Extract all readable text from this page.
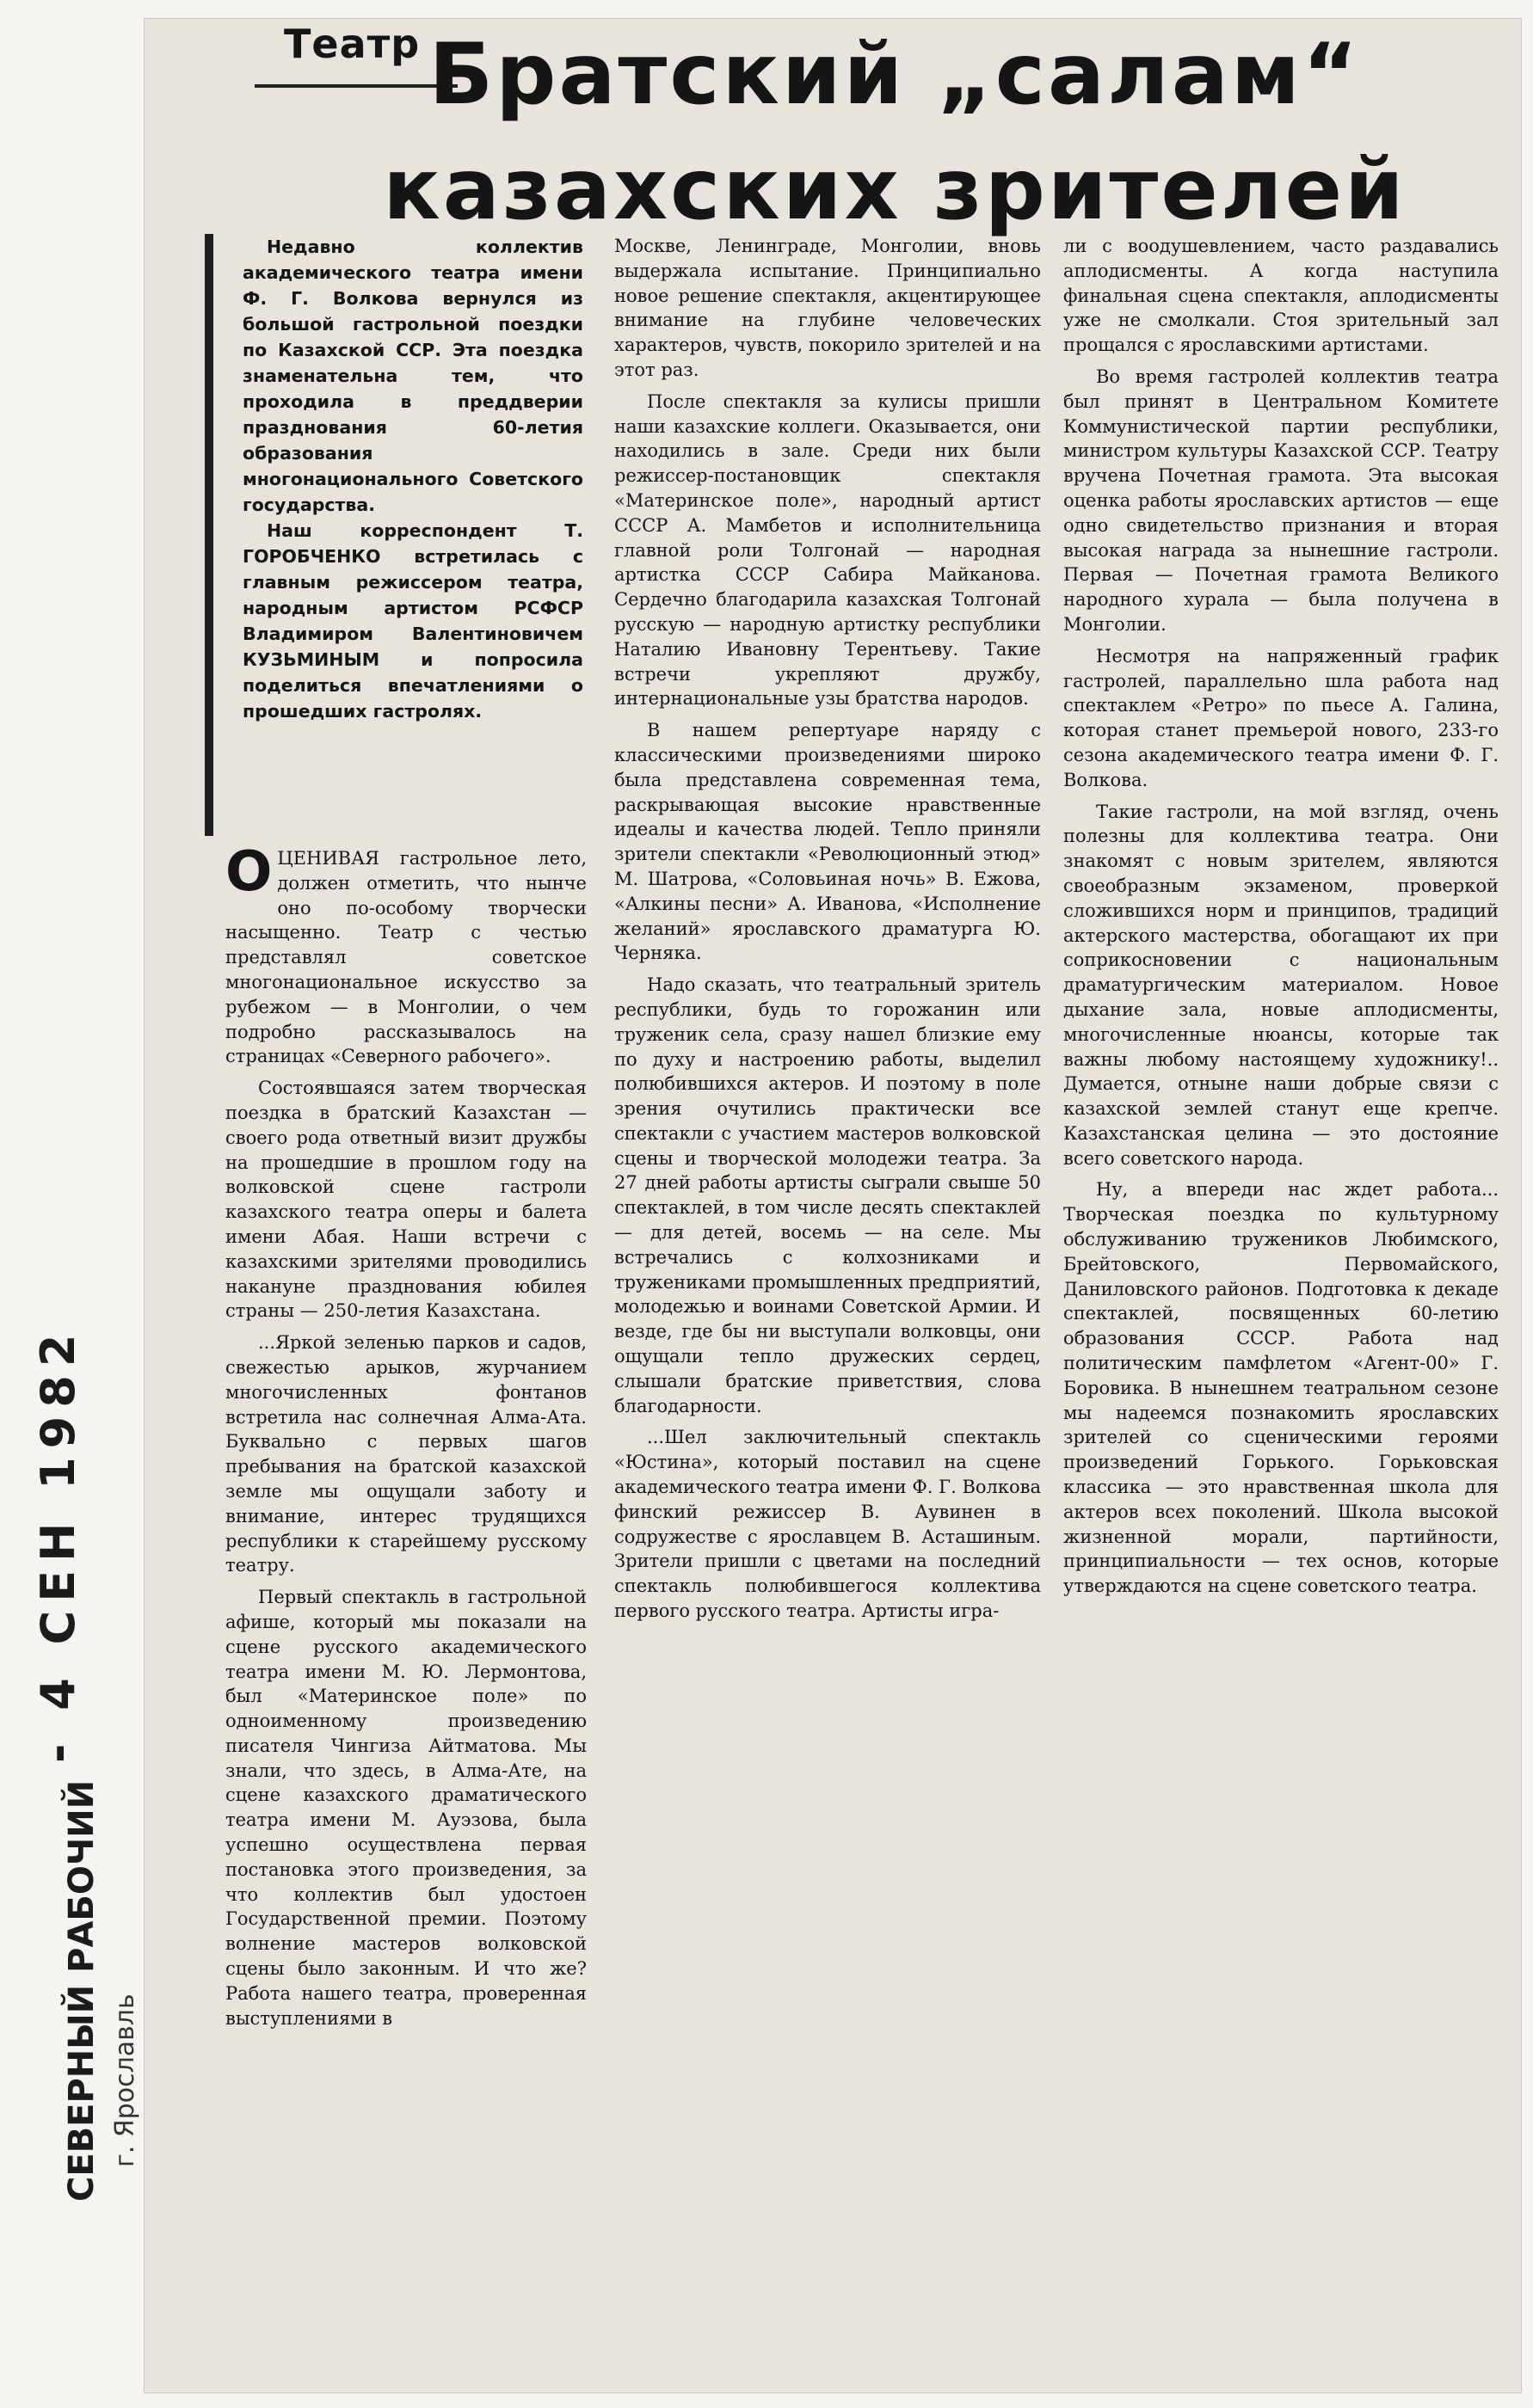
- 4 СЕН 1982
СЕВЕРНЫЙ РАБОЧИЙ г. Ярославль
Театр Братский „салам“
казахских зрителей

Недавно коллектив академического театра имени Ф. Г. Волкова вернулся из большой гастрольной поездки по Казахской ССР. Эта поездка знаменательна тем, что проходила в преддверии празднования 60-летия образования многонационального Советского государства.

Наш корреспондент Т. ГОРОБЧЕНКО встретилась с главным режиссером театра, народным артистом РСФСР Владимиром Валентиновичем КУЗЬМИНЫМ и попросила поделиться впечатлениями о прошедших гастролях.

ОЦЕНИВАЯ гастрольное лето, должен отметить, что нынче оно по-особому творчески насыщенно. Театр с честью представлял советское многонациональное искусство за рубежом — в Монголии, о чем подробно рассказывалось на страницах «Северного рабочего».

Состоявшаяся затем творческая поездка в братский Казахстан — своего рода ответный визит дружбы на прошедшие в прошлом году на волковской сцене гастроли казахского театра оперы и балета имени Абая. Наши встречи с казахскими зрителями проводились накануне празднования юбилея страны — 250-летия Казахстана.

...Яркой зеленью парков и садов, свежестью арыков, журчанием многочисленных фонтанов встретила нас солнечная Алма-Ата. Буквально с первых шагов пребывания на братской казахской земле мы ощущали заботу и внимание, интерес трудящихся республики к старейшему русскому театру.

Первый спектакль в гастрольной афише, который мы показали на сцене русского академического театра имени М. Ю. Лермонтова, был «Материнское поле» по одноименному произведению писателя Чингиза Айтматова. Мы знали, что здесь, в Алма-Ате, на сцене казахского драматического театра имени М. Ауэзова, была успешно осуществлена первая постановка этого произведения, за что коллектив был удостоен Государственной премии. Поэтому волнение мастеров волковской сцены было законным. И что же? Работа нашего театра, проверенная выступлениями в

Москве, Ленинграде, Монголии, вновь выдержала испытание. Принципиально новое решение спектакля, акцентирующее внимание на глубине человеческих характеров, чувств, покорило зрителей и на этот раз.

После спектакля за кулисы пришли наши казахские коллеги. Оказывается, они находились в зале. Среди них были режиссер-постановщик спектакля «Материнское поле», народный артист СССР А. Мамбетов и исполнительница главной роли Толгонай — народная артистка СССР Сабира Майканова. Сердечно благодарила казахская Толгонай русскую — народную артистку республики Наталию Ивановну Терентьеву. Такие встречи укрепляют дружбу, интернациональные узы братства народов.

В нашем репертуаре наряду с классическими произведениями широко была представлена современная тема, раскрывающая высокие нравственные идеалы и качества людей. Тепло приняли зрители спектакли «Революционный этюд» М. Шатрова, «Соловьиная ночь» В. Ежова, «Алкины песни» А. Иванова, «Исполнение желаний» ярославского драматурга Ю. Черняка.

Надо сказать, что театральный зритель республики, будь то горожанин или труженик села, сразу нашел близкие ему по духу и настроению работы, выделил полюбившихся актеров. И поэтому в поле зрения очутились практически все спектакли с участием мастеров волковской сцены и творческой молодежи театра. За 27 дней работы артисты сыграли свыше 50 спектаклей, в том числе десять спектаклей — для детей, восемь — на селе. Мы встречались с колхозниками и тружениками промышленных предприятий, молодежью и воинами Советской Армии. И везде, где бы ни выступали волковцы, они ощущали тепло дружеских сердец, слышали братские приветствия, слова благодарности.

...Шел заключительный спектакль «Юстина», который поставил на сцене академического театра имени Ф. Г. Волкова финский режиссер В. Аувинен в содружестве с ярославцем В. Асташиным. Зрители пришли с цветами на последний спектакль полюбившегося коллектива первого русского театра. Артисты игра-

ли с воодушевлением, часто раздавались аплодисменты. А когда наступила финальная сцена спектакля, аплодисменты уже не смолкали. Стоя зрительный зал прощался с ярославскими артистами.

Во время гастролей коллектив театра был принят в Центральном Комитете Коммунистической партии республики, министром культуры Казахской ССР. Театру вручена Почетная грамота. Эта высокая оценка работы ярославских артистов — еще одно свидетельство признания и вторая высокая награда за нынешние гастроли. Первая — Почетная грамота Великого народного хурала — была получена в Монголии.

Несмотря на напряженный график гастролей, параллельно шла работа над спектаклем «Ретро» по пьесе А. Галина, которая станет премьерой нового, 233-го сезона академического театра имени Ф. Г. Волкова.

Такие гастроли, на мой взгляд, очень полезны для коллектива театра. Они знакомят с новым зрителем, являются своеобразным экзаменом, проверкой сложившихся норм и принципов, традиций актерского мастерства, обогащают их при соприкосновении с национальным драматургическим материалом. Новое дыхание зала, новые аплодисменты, многочисленные нюансы, которые так важны любому настоящему художнику!.. Думается, отныне наши добрые связи с казахской землей станут еще крепче. Казахстанская целина — это достояние всего советского народа.

Ну, а впереди нас ждет работа... Творческая поездка по культурному обслуживанию тружеников Любимского, Брейтовского, Первомайского, Даниловского районов. Подготовка к декаде спектаклей, посвященных 60-летию образования СССР. Работа над политическим памфлетом «Агент-00» Г. Боровика. В нынешнем театральном сезоне мы надеемся познакомить ярославских зрителей со сценическими героями произведений Горького. Горьковская классика — это нравственная школа для актеров всех поколений. Школа высокой жизненной морали, партийности, принципиальности — тех основ, которые утверждаются на сцене советского театра.
